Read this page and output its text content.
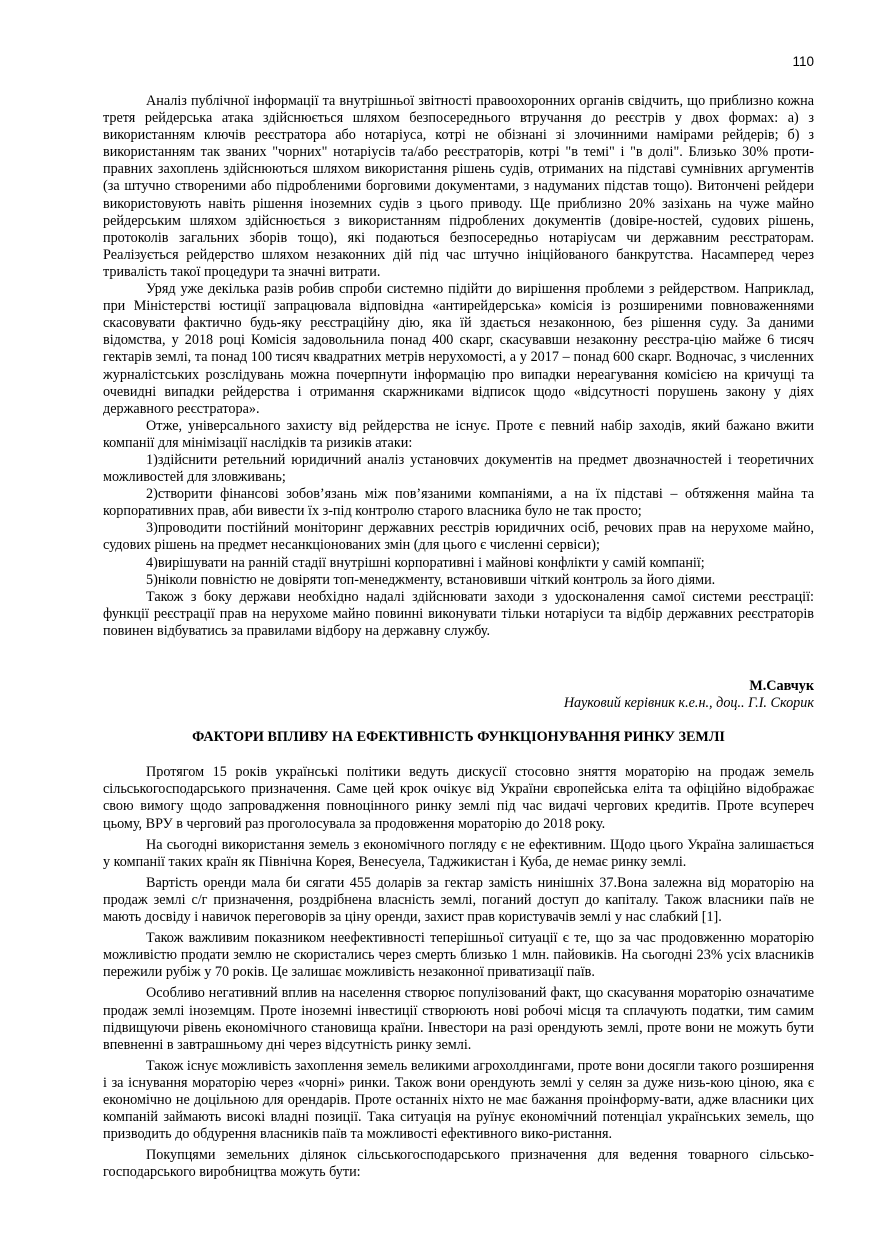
110

Аналіз публічної інформації та внутрішньої звітності правоохоронних органів свідчить, що приблизно кожна третя рейдерська атака здійснюється шляхом безпосереднього втручання до реєстрів у двох формах: а) з використанням ключів реєстратора або нотаріуса, котрі не обізнані зі злочинними намірами рейдерів; б) з використанням так званих "чорних" нотаріусів та/або реєстраторів, котрі "в темі" і "в долі". Близько 30% проти-правних захоплень здійснюються шляхом використання рішень судів, отриманих на підставі сумнівних аргументів (за штучно створеними або підробленими борговими документами, з надуманих підстав тощо). Витончені рейдери використовують навіть рішення іноземних судів з цього приводу. Ще приблизно 20% зазіхань на чуже майно рейдерським шляхом здійснюється з використанням підроблених документів (довіре-ностей, судових рішень, протоколів загальних зборів тощо), які подаються безпосередньо нотаріусам чи державним реєстраторам. Реалізується рейдерство шляхом незаконних дій під час штучно ініційованого банкрутства. Насамперед через тривалість такої процедури та значні витрати.

Уряд уже декілька разів робив спроби системно підійти до вирішення проблеми з рейдерством. Наприклад, при Міністерстві юстиції запрацювала відповідна «антирейдерська» комісія із розширеними повноваженнями скасовувати фактично будь-яку реєстраційну дію, яка їй здається незаконною, без рішення суду. За даними відомства, у 2018 році Комісія задовольнила понад 400 скарг, скасувавши незаконну реєстра-цію майже 6 тисяч гектарів землі, та понад 100 тисяч квадратних метрів нерухомості, а у 2017 – понад 600 скарг. Водночас, з численних журналістських розслідувань можна почерпнути інформацію про випадки нереагування комісією на кричущі та очевидні випадки рейдерства і отримання скаржниками відписок щодо «відсутності порушень закону у діях державного реєстратора».

Отже, універсального захисту від рейдерства не існує. Проте є певний набір заходів, який бажано вжити компанії для мінімізації наслідків та ризиків атаки:

1)здійснити ретельний юридичний аналіз установчих документів на предмет двозначностей і теоретичних можливостей для зловживань;

2)створити фінансові зобов’язань між пов’язаними компаніями, а на їх підставі – обтяження майна та корпоративних прав, аби вивести їх з-під контролю старого власника було не так просто;

3)проводити постійний моніторинг державних реєстрів юридичних осіб, речових прав на нерухоме майно, судових рішень на предмет несанкціонованих змін (для цього є численні сервіси);

4)вирішувати на ранній стадії внутрішні корпоративні і майнові конфлікти у самій компанії;

5)ніколи повністю не довіряти топ-менеджменту, встановивши чіткий контроль за його діями.

Також з боку держави необхідно надалі здійснювати заходи з удосконалення самої системи реєстрації: функції реєстрації прав на нерухоме майно повинні виконувати тільки нотаріуси та відбір державних реєстраторів повинен відбуватись за правилами відбору на державну службу.

М.Савчук
Науковий керівник к.е.н., доц.. Г.І. Скорик
ФАКТОРИ ВПЛИВУ НА ЕФЕКТИВНІСТЬ ФУНКЦІОНУВАННЯ РИНКУ ЗЕМЛІ

Протягом 15 років українські політики ведуть дискусії стосовно зняття мораторію на продаж земель сільськогосподарського призначення. Саме цей крок очікує від України європейська еліта та офіційно відображає свою вимогу щодо запровадження повноцінного ринку землі під час видачі чергових кредитів. Проте всупереч цьому, ВРУ в черговий раз проголосувала за продовження мораторію до 2018 року.

На сьогодні використання земель з економічного погляду є не ефективним. Щодо цього Україна залишається у компанії таких країн як Північна Корея, Венесуела, Таджикистан і Куба, де немає ринку землі.

Вартість оренди мала би сягати 455 доларів за гектар замість нинішніх 37.Вона залежна від мораторію на продаж землі с/г призначення, роздрібнена власність землі, поганий доступ до капіталу. Також власники паїв не мають досвіду і навичок переговорів за ціну оренди, захист прав користувачів землі у нас слабкий [1].

Також важливим показником неефективності теперішньої ситуації є те, що за час продовженню мораторію можливістю продати землю не скористались через смерть близько 1 млн. пайовиків. На сьогодні 23% усіх власників пережили рубіж у 70 років. Це залишає можливість незаконної приватизації паїв.

Особливо негативний вплив на населення створює популізований факт, що скасування мораторію означатиме продаж землі іноземцям. Проте іноземні інвестиції створюють нові робочі місця та сплачують податки, тим самим підвищуючи рівень економічного становища країни. Інвестори на разі орендують землі, проте вони не можуть бути впевненні в завтрашньому дні через відсутність ринку землі.

Також існує можливість захоплення земель великими агрохолдингами, проте вони досягли такого розширення і за існування мораторію через «чорні» ринки. Також вони орендують землі у селян за дуже низь-кою ціною, яка є економічно не доцільною для орендарів. Проте останніх ніхто не має бажання проінформу-вати, адже власники цих компаній займають високі владні позиції. Така ситуація на руїнує економічний потенціал українських земель, що призводить до обдурення власників паїв та можливості ефективного вико-ристання.

Покупцями земельних ділянок сільськогосподарського призначення для ведення товарного сільсько-господарського виробництва можуть бути:
